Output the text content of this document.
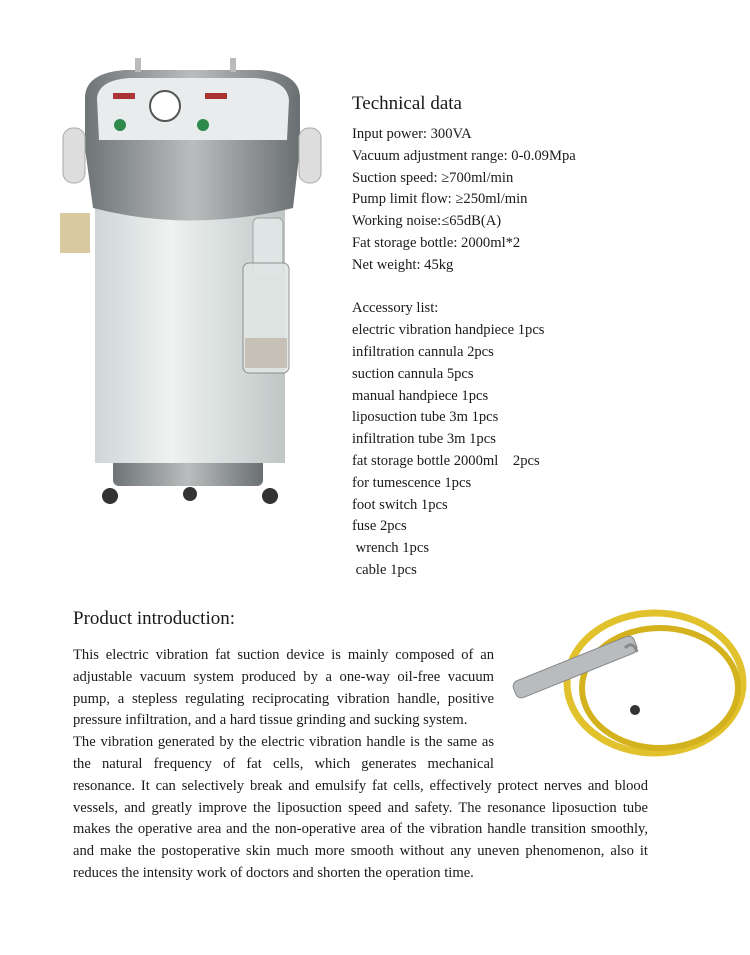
Technical data
Input power: 300VA
Vacuum adjustment range: 0-0.09Mpa
Suction speed: ≥700ml/min
Pump limit flow: ≥250ml/min
Working noise:≤65dB(A)
Fat storage bottle: 2000ml*2
Net weight: 45kg
Accessory list:
electric vibration handpiece 1pcs
infiltration cannula 2pcs
suction cannula 5pcs
manual handpiece 1pcs
liposuction tube 3m 1pcs
infiltration tube 3m 1pcs
fat storage bottle 2000ml    2pcs
for tumescence 1pcs
foot switch 1pcs
fuse 2pcs
wrench 1pcs
cable 1pcs
Product introduction:

This electric vibration fat suction device is mainly composed of an adjustable vacuum system produced by a one-way oil-free vacuum pump, a stepless regulating reciprocating vibration handle, positive pressure infiltration, and a hard tissue grinding and sucking system.

The vibration generated by the electric vibration handle is the same as the natural frequency of fat cells, which generates mechanical resonance. It can selectively break and emulsify fat cells, effectively protect nerves and blood vessels, and greatly improve the liposuction speed and safety. The resonance liposuction tube makes the operative area and the non-operative area of the vibration handle transition smoothly, and make the postoperative skin much more smooth without any uneven phenomenon, also it reduces the intensity work of doctors and shorten the operation time.
